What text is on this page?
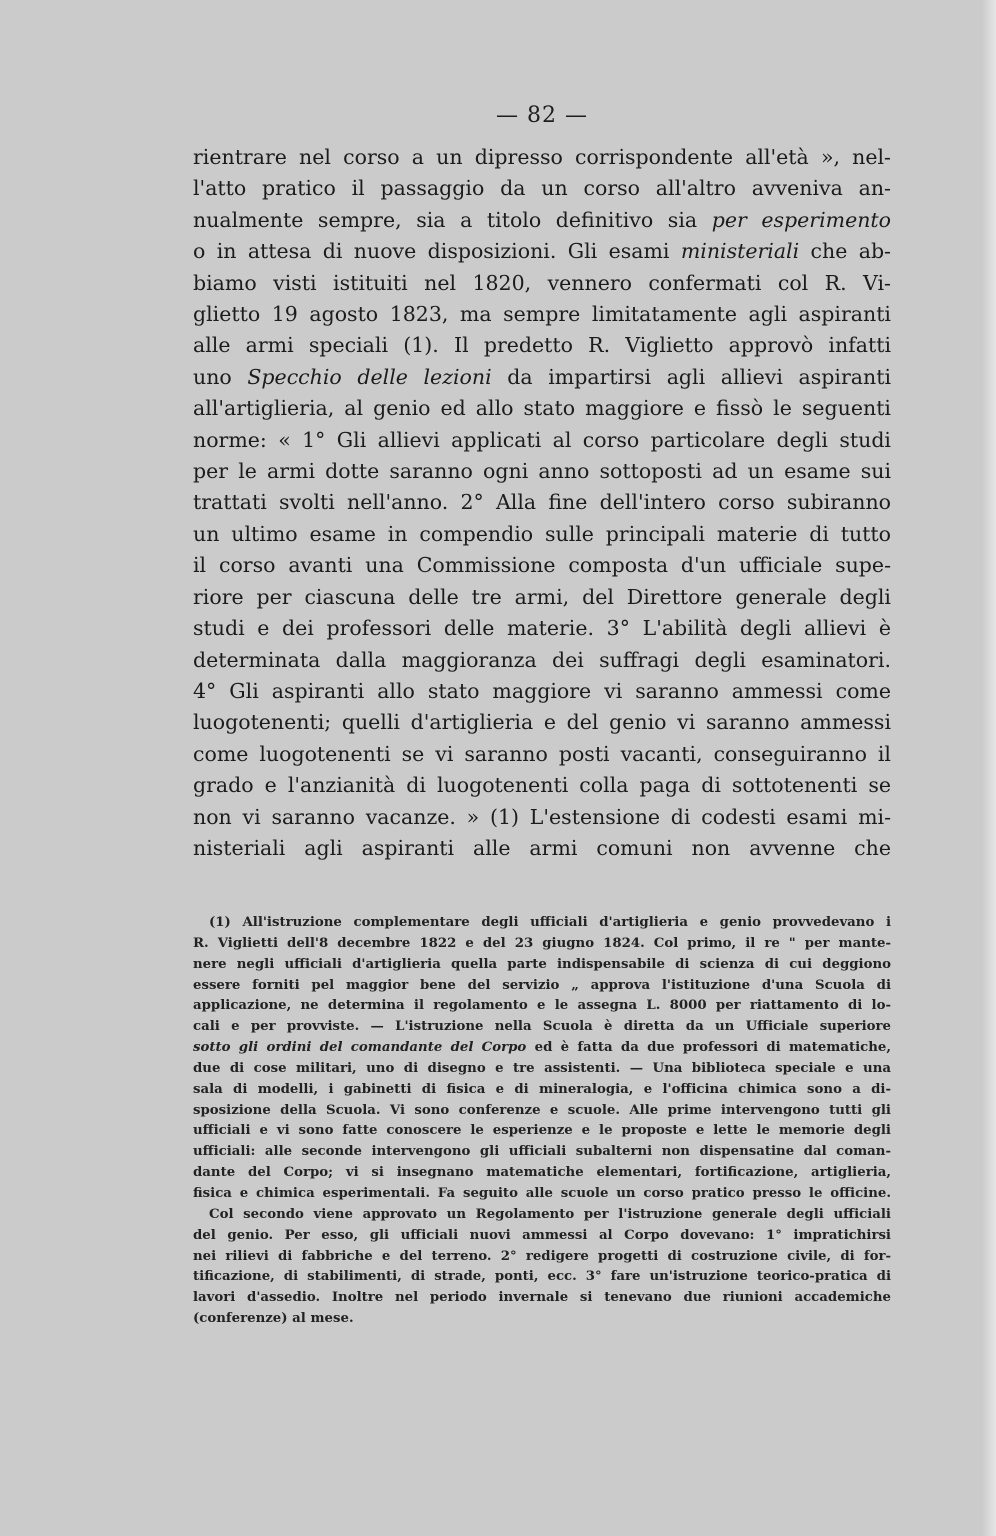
— 82 —
rientrare nel corso a un dipresso corrispondente all'età », nel-
l'atto pratico il passaggio da un corso all'altro avveniva an-
nualmente sempre, sia a titolo definitivo sia per esperimento
o in attesa di nuove disposizioni. Gli esami ministeriali che ab-
biamo visti istituiti nel 1820, vennero confermati col R. Vi-
glietto 19 agosto 1823, ma sempre limitatamente agli aspiranti
alle armi speciali (1). Il predetto R. Viglietto approvò infatti
uno Specchio delle lezioni da impartirsi agli allievi aspiranti
all'artiglieria, al genio ed allo stato maggiore e fissò le seguenti
norme: « 1° Gli allievi applicati al corso particolare degli studi
per le armi dotte saranno ogni anno sottoposti ad un esame sui
trattati svolti nell'anno. 2° Alla fine dell'intero corso subiranno
un ultimo esame in compendio sulle principali materie di tutto
il corso avanti una Commissione composta d'un ufficiale supe-
riore per ciascuna delle tre armi, del Direttore generale degli
studi e dei professori delle materie. 3° L'abilità degli allievi è
determinata dalla maggioranza dei suffragi degli esaminatori.
4° Gli aspiranti allo stato maggiore vi saranno ammessi come
luogotenenti; quelli d'artiglieria e del genio vi saranno ammessi
come luogotenenti se vi saranno posti vacanti, conseguiranno il
grado e l'anzianità di luogotenenti colla paga di sottotenenti se
non vi saranno vacanze. » (1) L'estensione di codesti esami mi-
nisteriali agli aspiranti alle armi comuni non avvenne che
(1) All'istruzione complementare degli ufficiali d'artiglieria e genio provvedevano i
R. Viglietti dell'8 decembre 1822 e del 23 giugno 1824. Col primo, il re " per mante-
nere negli ufficiali d'artiglieria quella parte indispensabile di scienza di cui deggiono
essere forniti pel maggior bene del servizio „ approva l'istituzione d'una Scuola di
applicazione, ne determina il regolamento e le assegna L. 8000 per riattamento di lo-
cali e per provviste. — L'istruzione nella Scuola è diretta da un Ufficiale superiore
sotto gli ordini del comandante del Corpo ed è fatta da due professori di matematiche,
due di cose militari, uno di disegno e tre assistenti. — Una biblioteca speciale e una
sala di modelli, i gabinetti di fisica e di mineralogia, e l'officina chimica sono a di-
sposizione della Scuola. Vi sono conferenze e scuole. Alle prime intervengono tutti gli
ufficiali e vi sono fatte conoscere le esperienze e le proposte e lette le memorie degli
ufficiali: alle seconde intervengono gli ufficiali subalterni non dispensatine dal coman-
dante del Corpo; vi si insegnano matematiche elementari, fortificazione, artiglieria,
fisica e chimica esperimentali. Fa seguito alle scuole un corso pratico presso le officine.
Col secondo viene approvato un Regolamento per l'istruzione generale degli ufficiali
del genio. Per esso, gli ufficiali nuovi ammessi al Corpo dovevano: 1° impratichirsi
nei rilievi di fabbriche e del terreno. 2° redigere progetti di costruzione civile, di for-
tificazione, di stabilimenti, di strade, ponti, ecc. 3° fare un'istruzione teorico-pratica di
lavori d'assedio. Inoltre nel periodo invernale si tenevano due riunioni accademiche
(conferenze) al mese.
